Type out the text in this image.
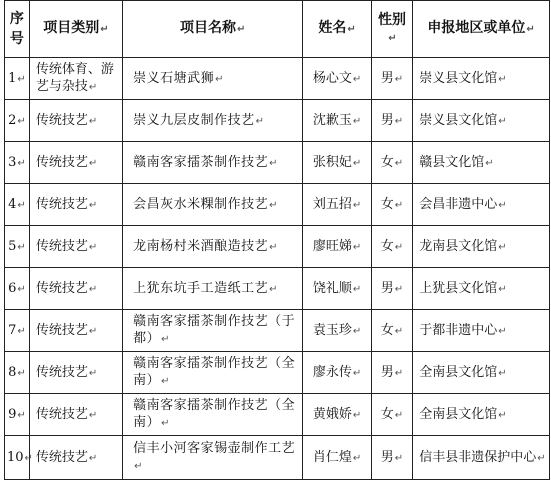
序
号	项目类别↵	项目名称↵	姓名↵	性别↵	申报地区或单位↵
1↵	传统体育、游艺与杂技↵	崇义石塘武狮↵	杨心文↵	男↵	崇义县文化馆↵
2↵	传统技艺↵	崇义九层皮制作技艺↵	沈歉玉↵	男↵	崇义县文化馆↵
3↵	传统技艺↵	赣南客家擂茶制作技艺↵	张积妃↵	女↵	赣县文化馆↵
4↵	传统技艺↵	会昌灰水米粿制作技艺↵	刘五招↵	女↵	会昌非遗中心↵
5↵	传统技艺↵	龙南杨村米酒酿造技艺↵	廖旺娣↵	女↵	龙南县文化馆↵
6↵	传统技艺↵	上犹东坑手工造纸工艺↵	饶礼顺↵	男↵	上犹县文化馆↵
7↵	传统技艺↵	赣南客家擂茶制作技艺（于都）↵	袁玉珍↵	女↵	于都非遗中心↵
8↵	传统技艺↵	赣南客家擂茶制作技艺（全南）↵	廖永传↵	男↵	全南县文化馆↵
9↵	传统技艺↵	赣南客家擂茶制作技艺（全南）↵	黄娥娇↵	女↵	全南县文化馆↵
10↵	传统技艺↵	信丰小河客家锡壶制作工艺↵	肖仁煌↵	男↵	信丰县非遗保护中心↵
